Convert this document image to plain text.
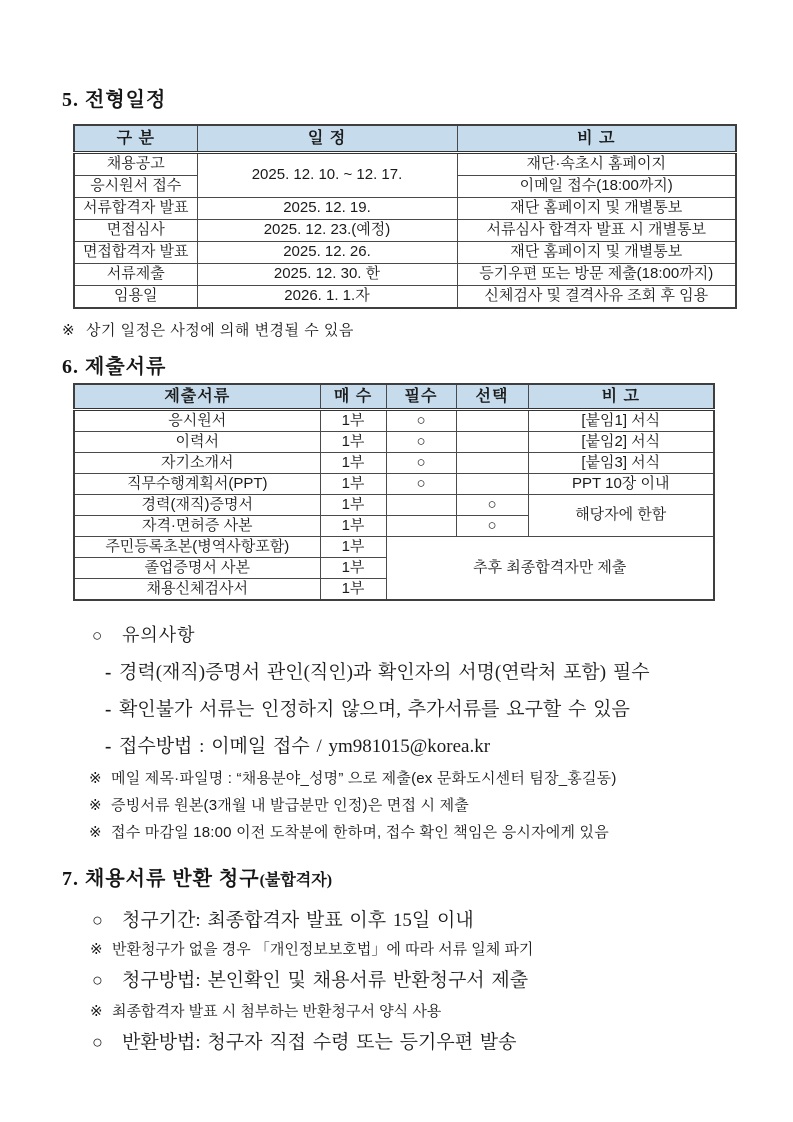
5. 전형일정
구 분	일 정	비 고
채용공고	2025. 12. 10. ~ 12. 17.	재단·속초시 홈페이지
응시원서 접수		이메일 접수(18:00까지)
서류합격자 발표	2025. 12. 19.	재단 홈페이지 및 개별통보
면접심사	2025. 12. 23.(예정)	서류심사 합격자 발표 시 개별통보
면접합격자 발표	2025. 12. 26.	재단 홈페이지 및 개별통보
서류제출	2025. 12. 30. 한	등기우편 또는 방문 제출(18:00까지)
임용일	2026. 1. 1.자	신체검사 및 결격사유 조회 후 임용
※ 상기 일정은 사정에 의해 변경될 수 있음
6. 제출서류
제출서류	매 수	필수	선택	비 고
응시원서	1부	○		[붙임1] 서식
이력서	1부	○		[붙임2] 서식
자기소개서	1부	○		[붙임3] 서식
직무수행계획서(PPT)	1부	○		PPT 10장 이내
경력(재직)증명서	1부		○	해당자에 한함
자격·면허증 사본	1부		○	
주민등록초본(병역사항포함)	1부	추후 최종합격자만 제출		
졸업증명서 사본	1부			
채용신체검사서	1부			
○	유의사항
- 경력(재직)증명서 관인(직인)과 확인자의 서명(연락처 포함) 필수
- 확인불가 서류는 인정하지 않으며, 추가서류를 요구할 수 있음
- 접수방법 : 이메일 접수 / ym981015@korea.kr
※ 메일 제목·파일명 : “채용분야_성명” 으로 제출(ex 문화도시센터 팀장_홍길동)
※ 증빙서류 원본(3개월 내 발급분만 인정)은 면접 시 제출
※ 접수 마감일 18:00 이전 도착분에 한하며, 접수 확인 책임은 응시자에게 있음
7. 채용서류 반환 청구(불합격자)
○	청구기간: 최종합격자 발표 이후 15일 이내
※ 반환청구가 없을 경우 「개인정보보호법」에 따라 서류 일체 파기
○	청구방법: 본인확인 및 채용서류 반환청구서 제출
※ 최종합격자 발표 시 첨부하는 반환청구서 양식 사용
○	반환방법: 청구자 직접 수령 또는 등기우편 발송
